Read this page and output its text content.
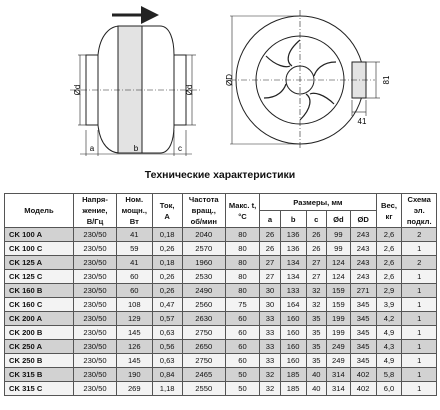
Ød	Ød
a	b	c
ØD	81
41
Технические характеристики
Модель	Напря-
жение,
В/Гц	Ном.
мощн.,
Вт	Ток,
А	Частота
вращ.,
об/мин	Макс. t,
°C	Размеры, мм					Вес,
кг	Схема
эл.
подкл.
						a	b	c	Ød	ØD		
CK 100 A	230/50	41	0,18	2040	80	26	136	26	99	243	2,6	2
CK 100 C	230/50	59	0,26	2570	80	26	136	26	99	243	2,6	1
CK 125 A	230/50	41	0,18	1960	80	27	134	27	124	243	2,6	2
CK 125 C	230/50	60	0,26	2530	80	27	134	27	124	243	2,6	1
CK 160 B	230/50	60	0,26	2490	80	30	133	32	159	271	2,9	1
CK 160 C	230/50	108	0,47	2560	75	30	164	32	159	345	3,9	1
CK 200 A	230/50	129	0,57	2630	60	33	160	35	199	345	4,2	1
CK 200 B	230/50	145	0,63	2750	60	33	160	35	199	345	4,9	1
CK 250 A	230/50	126	0,56	2650	60	33	160	35	249	345	4,3	1
CK 250 B	230/50	145	0,63	2750	60	33	160	35	249	345	4,9	1
CK 315 B	230/50	190	0,84	2465	50	32	185	40	314	402	5,8	1
CK 315 C	230/50	269	1,18	2550	50	32	185	40	314	402	6,0	1
